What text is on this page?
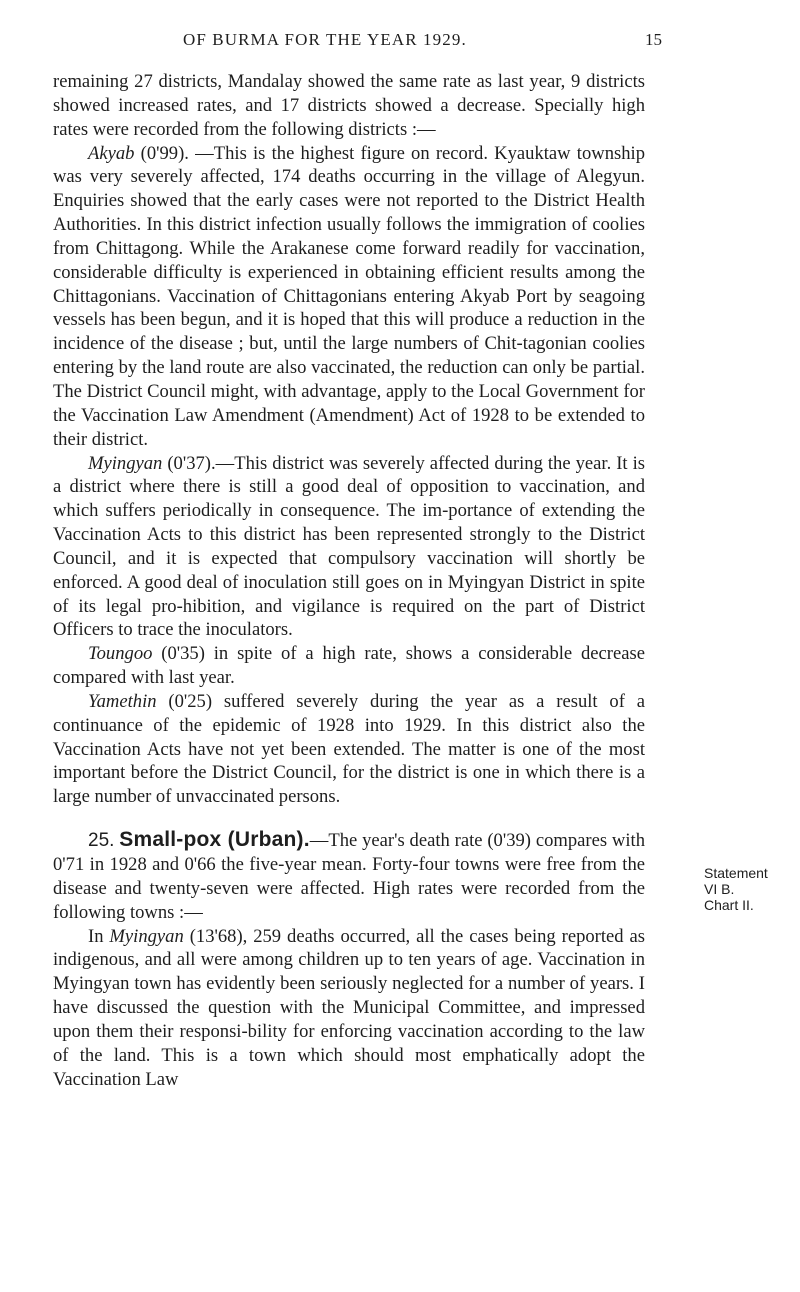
OF BURMA FOR THE YEAR 1929.	15

remaining 27 districts, Mandalay showed the same rate as last year, 9 districts showed increased rates, and 17 districts showed a decrease. Specially high rates were recorded from the following districts :—

Akyab (0'99). —This is the highest figure on record. Kyauktaw township was very severely affected, 174 deaths occurring in the village of Alegyun. Enquiries showed that the early cases were not reported to the District Health Authorities. In this district infection usually follows the immigration of coolies from Chittagong. While the Arakanese come forward readily for vaccination, considerable difficulty is experienced in obtaining efficient results among the Chittagonians. Vaccination of Chittagonians entering Akyab Port by seagoing vessels has been begun, and it is hoped that this will produce a reduction in the incidence of the disease ; but, until the large numbers of Chit-tagonian coolies entering by the land route are also vaccinated, the reduction can only be partial. The District Council might, with advantage, apply to the Local Government for the Vaccination Law Amendment (Amendment) Act of 1928 to be extended to their district.

Myingyan (0'37).—This district was severely affected during the year. It is a district where there is still a good deal of opposition to vaccination, and which suffers periodically in consequence. The im-portance of extending the Vaccination Acts to this district has been represented strongly to the District Council, and it is expected that compulsory vaccination will shortly be enforced. A good deal of inoculation still goes on in Myingyan District in spite of its legal pro-hibition, and vigilance is required on the part of District Officers to trace the inoculators.

Toungoo (0'35) in spite of a high rate, shows a considerable decrease compared with last year.

Yamethin (0'25) suffered severely during the year as a result of a continuance of the epidemic of 1928 into 1929. In this district also the Vaccination Acts have not yet been extended. The matter is one of the most important before the District Council, for the district is one in which there is a large number of unvaccinated persons.

25. Small-pox (Urban).—The year's death rate (0'39) compares with 0'71 in 1928 and 0'66 the five-year mean. Forty-four towns were free from the disease and twenty-seven were affected. High rates were recorded from the following towns :—

In Myingyan (13'68), 259 deaths occurred, all the cases being reported as indigenous, and all were among children up to ten years of age. Vaccination in Myingyan town has evidently been seriously neglected for a number of years. I have discussed the question with the Municipal Committee, and impressed upon them their responsi-bility for enforcing vaccination according to the law of the land. This is a town which should most emphatically adopt the Vaccination Law

Statement
VI B.
Chart II.
